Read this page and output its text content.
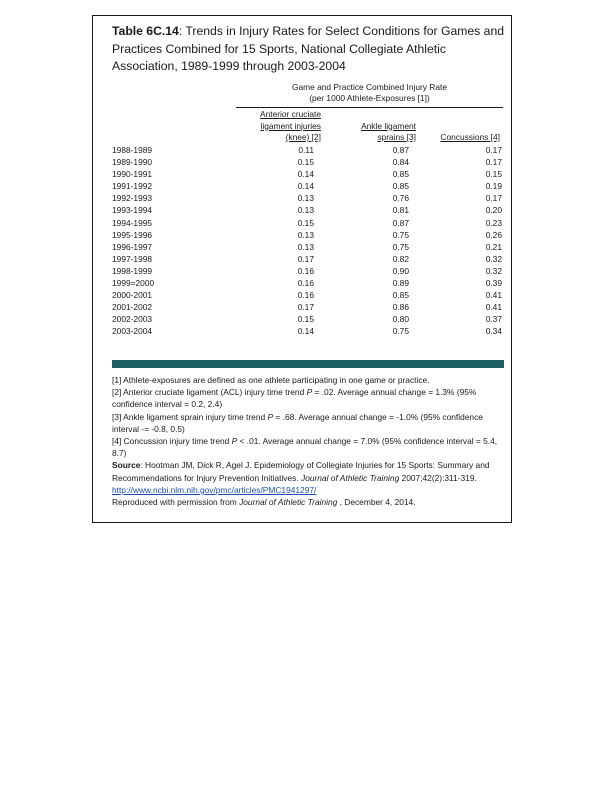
Table 6C.14: Trends in Injury Rates for Select Conditions for Games and Practices Combined for 15 Sports, National Collegiate Athletic Association, 1989-1999 through 2003-2004
Game and Practice Combined Injury Rate
(per 1000 Athlete-Exposures [1])
Anterior cruciate
ligament injuries
(knee) [2]
Ankle ligament
sprains [3]	Concussions [4]
1988-1989	0.11	0.87	0.17
1989-1990	0.15	0.84	0.17
1990-1991	0.14	0.85	0.15
1991-1992	0.14	0.85	0.19
1992-1993	0.13	0.76	0.17
1993-1994	0.13	0.81	0.20
1994-1995	0.15	0.87	0.23
1995-1996	0.13	0.75	0.26
1996-1997	0.13	0.75	0.21
1997-1998	0.17	0.82	0.32
1998-1999	0.16	0.90	0.32
1999=2000	0.16	0.89	0.39
2000-2001	0.16	0.85	0.41
2001-2002	0.17	0.86	0.41
2002-2003	0.15	0.80	0.37
2003-2004	0.14	0.75	0.34

[1] Athlete-exposures are defined as one athlete participating in one game or practice.

[2] Anterior cruciate ligament (ACL) injury time trend P = .02. Average annual change = 1.3% (95% confidence interval = 0.2, 2.4)

[3] Ankle ligament sprain injury time trend P = .68. Average annual change = -1.0% (95% confidence interval -= -0.8, 0.5)

[4] Concussion injury time trend P < .01. Average annual change = 7.0% (95% confidence interval = 5.4, 8.7)

Source: Hootman JM, Dick R, Agel J. Epidemiology of Collegiate Injuries for 15 Sports: Summary and Recommendations for Injury Prevention Initiatives. Journal of Athletic Training 2007;42(2):311-319. http://www.ncbi.nlm.nih.gov/pmc/articles/PMC1941297/

Reproduced with permission from Journal of Athletic Training , December 4, 2014.
